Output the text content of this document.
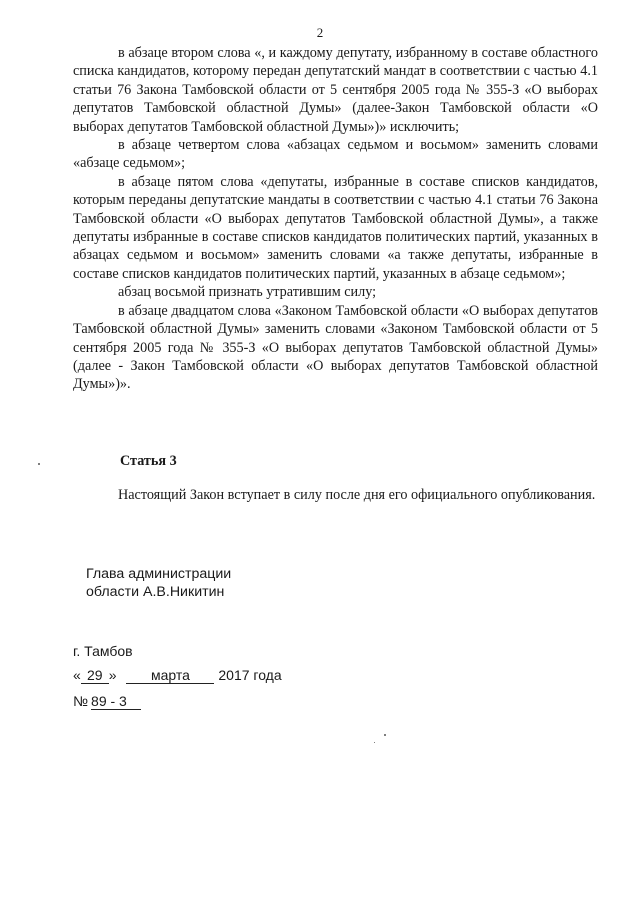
2

в абзаце втором слова «, и каждому депутату, избранному в составе областного списка кандидатов, которому передан депутатский мандат в соответствии с частью 4.1 статьи 76 Закона Тамбовской области от 5 сентября 2005 года № 355-З «О выборах депутатов Тамбовской областной Думы» (далее-Закон Тамбовской области «О выборах депутатов Тамбовской областной Думы»)» исключить;

в абзаце четвертом слова «абзацах седьмом и восьмом» заменить словами «абзаце седьмом»;

в абзаце пятом слова «депутаты, избранные в составе списков кандидатов, которым переданы депутатские мандаты в соответствии с частью 4.1 статьи 76 Закона Тамбовской области «О выборах депутатов Тамбовской областной Думы», а также депутаты избранные в составе списков кандидатов политических партий, указанных в абзацах седьмом и восьмом» заменить словами «а также депутаты, избранные в составе списков кандидатов политических партий, указанных в абзаце седьмом»;

абзац восьмой признать утратившим силу;

в абзаце двадцатом слова «Законом Тамбовской области «О выборах депутатов Тамбовской областной Думы» заменить словами «Законом Тамбовской области от 5 сентября 2005 года № 355-З «О выборах депутатов Тамбовской областной Думы» (далее - Закон Тамбовской области «О выборах депутатов Тамбовской областной Думы»)».

Статья 3
Настоящий Закон вступает в силу после дня его официального опубликования.
Глава администрации
области А.В.Никитин
г. Тамбов
« 29 » марта 2017 года
№ 89 - 3
